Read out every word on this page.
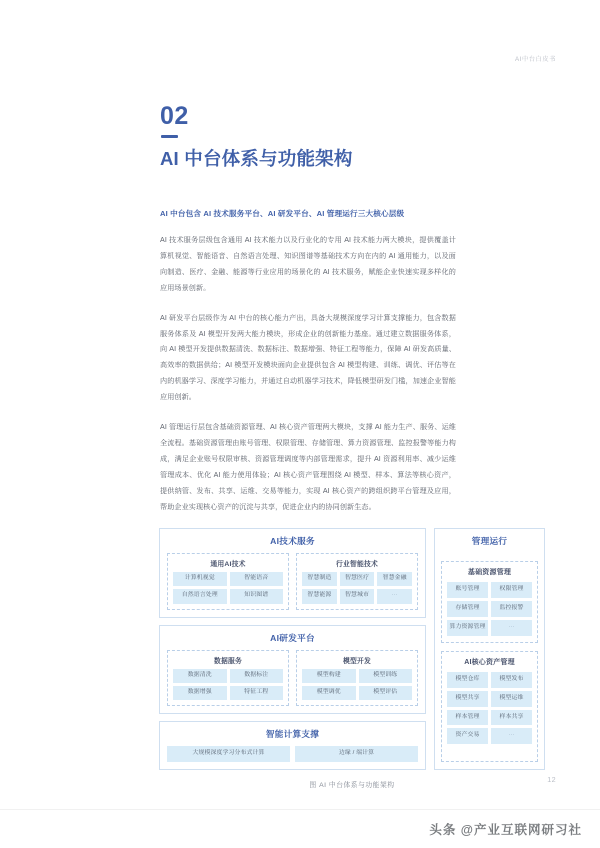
AI中台白皮书
02
AI 中台体系与功能架构

AI 中台包含 AI 技术服务平台、AI 研发平台、AI 管理运行三大核心层级

AI 技术服务层级包含通用 AI 技术能力以及行业化的专用 AI 技术能力两大模块，提供覆盖计算机视觉、智能语音、自然语言处理、知识图谱等基础技术方向在内的 AI 通用能力，以及面向制造、医疗、金融、能源等行业应用的场景化的 AI 技术服务，赋能企业快速实现多样化的应用场景创新。

AI 研发平台层级作为 AI 中台的核心能力产出，具备大规模深度学习计算支撑能力，包含数据服务体系及 AI 模型开发两大能力模块，形成企业的创新能力基座。通过建立数据服务体系，向 AI 模型开发提供数据清洗、数据标注、数据增强、特征工程等能力，保障 AI 研发高质量、高效率的数据供给；AI 模型开发模块面向企业提供包含 AI 模型构建、训练、调优、评估等在内的机器学习、深度学习能力，并通过自动机器学习技术，降低模型研发门槛，加速企业智能应用创新。

AI 管理运行层包含基础资源管理、AI 核心资产管理两大模块，支撑 AI 能力生产、服务、运维全流程。基础资源管理由账号管理、权限管理、存储管理、算力资源管理、监控报警等能力构成，满足企业账号权限审核、资源管理调度等内部管理需求，提升 AI 资源利用率、减少运维管理成本、优化 AI 能力使用体验；AI 核心资产管理围绕 AI 模型、样本、算法等核心资产，提供纳管、发布、共享、运维、交易等能力，实现 AI 核心资产的跨组织跨平台管理及应用，帮助企业实现核心资产的沉淀与共享，促进企业内的协同创新生态。

AI技术服务
通用AI技术
计算机视觉	智能语音
自然语言处理	知识图谱
行业智能技术
智慧制造	智慧医疗	智慧金融
智慧能源	智慧城市	···
AI研发平台
数据服务
数据清洗	数据标注
数据增强	特征工程
模型开发
模型构建	模型训练
模型调优	模型评估
智能计算支撑
大规模深度学习分布式计算	边缘 / 端计算
管理运行
基础资源管理
账号管理	权限管理
存储管理	监控报警
算力资源管理	···
AI核心资产管理
模型仓库	模型发布
模型共享	模型运维
样本管理	样本共享
资产交易	···
图 AI 中台体系与功能架构
12
头条 @产业互联网研习社
